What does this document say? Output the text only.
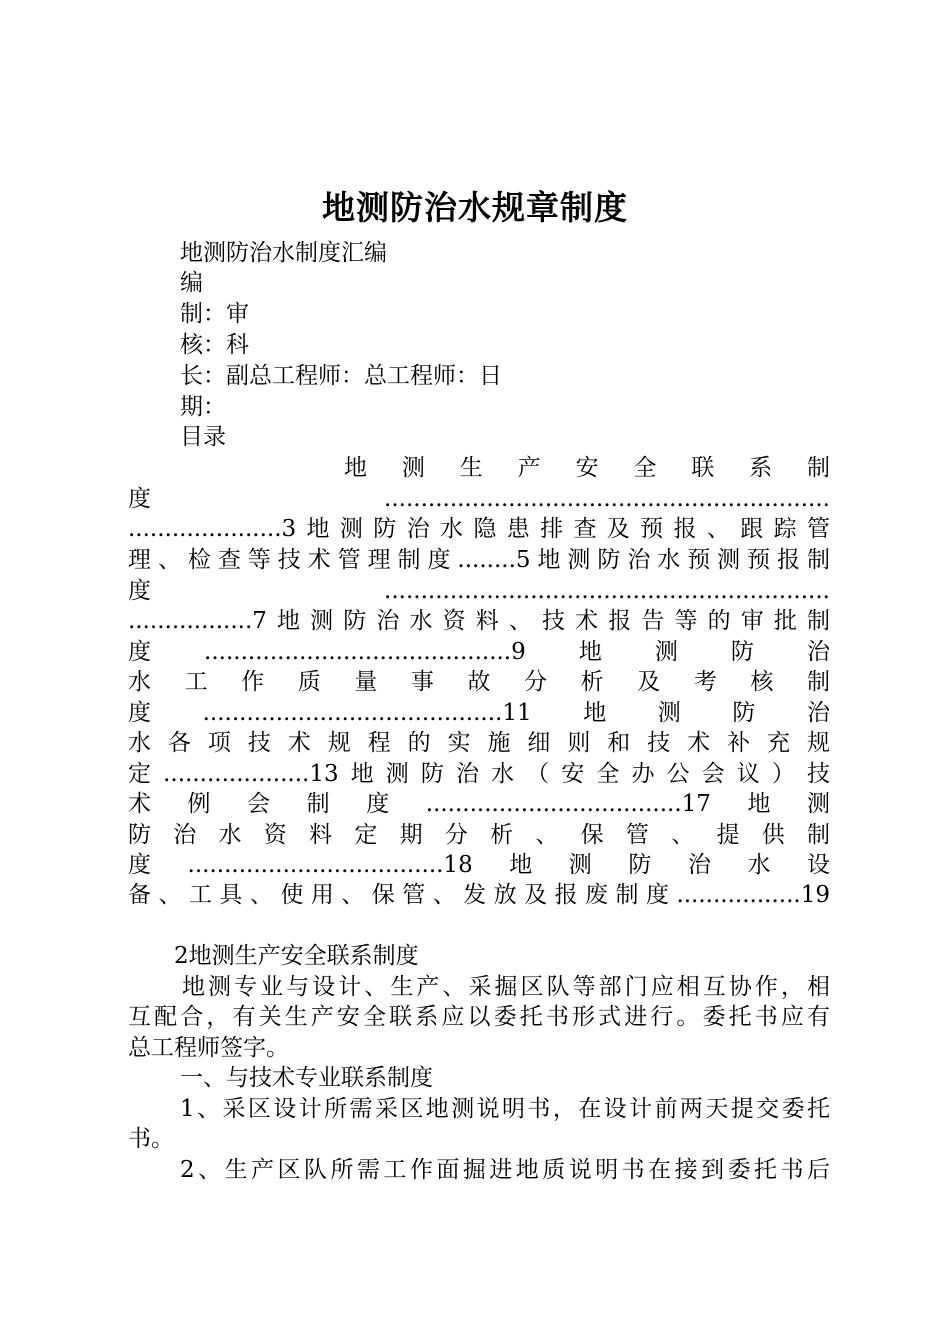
地测防治水规章制度
地测防治水制度汇编
编
制：审
核：科
长：副总工程师：总工程师：日
期：
目录
地 测 生 产 安 全 联 系 制
度.............................................................
.....................3地测防治水隐患排查及预报、跟踪管
理、检查等技术管理制度........5地测防治水预测预报制
度.............................................................
.................7地测防治水资料、技术报告等的审批制
度..........................................9地测防治
水 工 作 质 量 事 故 分 析 及 考 核 制
度.........................................11地测防治
水各项技术规程的实施细则和技术补充规
定....................13地测防治水（安全办公会议）技
术例会制度...................................17地测
防 治 水 资 料 定 期 分 析 、 保 管 、 提 供 制
度...................................18地测防治水设
备、工具、使用、保管、发放及报废制度.................19
2地测生产安全联系制度
地测专业与设计、生产、采掘区队等部门应相互协作，相
互配合，有关生产安全联系应以委托书形式进行。委托书应有
总工程师签字。
一、与技术专业联系制度
1、采区设计所需采区地测说明书，在设计前两天提交委托
书。
2、生产区队所需工作面掘进地质说明书在接到委托书后
